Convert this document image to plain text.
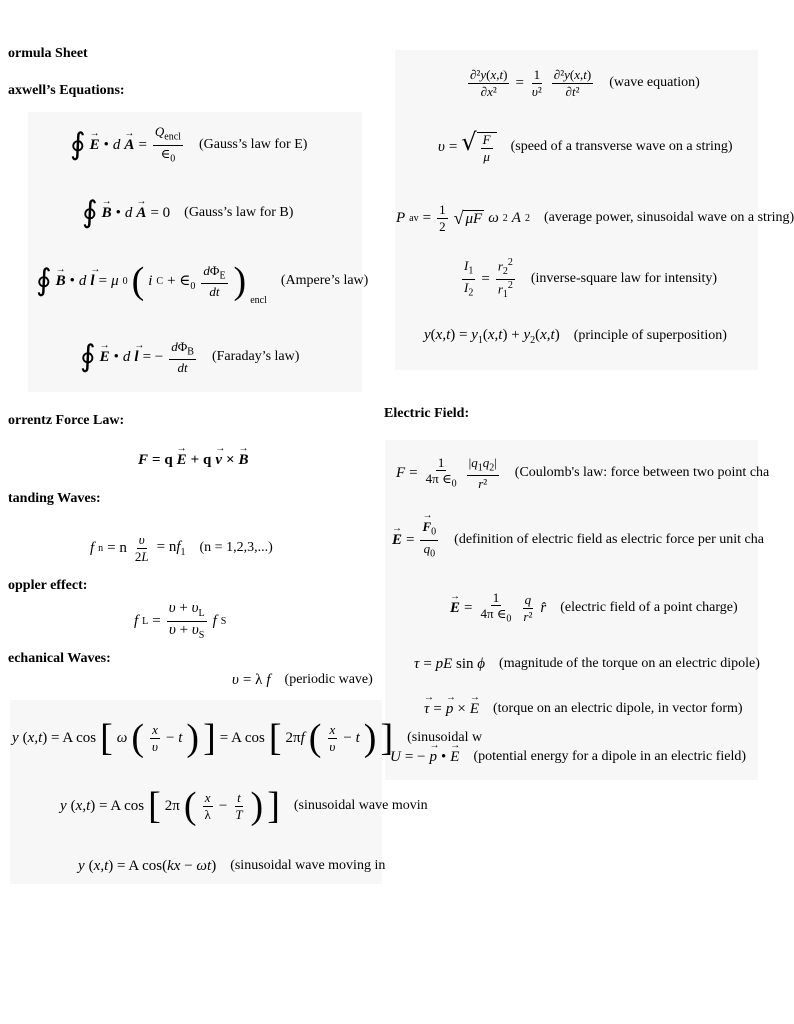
ormula Sheet
axwell’s Equations:
∮
→ E • d
→ $A = \frac{Q_{encl}}{\in_0}$ (Gauss’s law for E)
∮
→ B • d
→ A = 0 (Gauss’s law for B)
∮
→ B • d
→ l = μ 0 ( i $C + \in_0 \frac{d\Phi_E}{dt}$ ) $_{encl}$
(Ampere’s law)
∮
→ E • d
→ l = − $\frac{d\Phi_B}{dt}$ (Faraday’s law)
orrentz Force Law:
F = q
→ E + q
→ v ×
→ B
tanding Waves:
f n = n $\frac{\upsilon}{2L} = nf_1$ (n = 1,2,3,...)
oppler effect:
f $L = \frac{\upsilon + \upsilon_L}{\upsilon + \upsilon_S}$ f S
echanical Waves:
υ = λ f (periodic wave)
y (x,t) = A cos [ ω ( $\frac{x}{\upsilon} - t$ ) ] = A cos [ 2πf ( $\frac{x}{\upsilon} - t$ ) ] (sinusoidal w
y (x,t) = A cos [ 2π ( $\frac{x}{\lambda} - \frac{t}{T}$ ) ] (sinusoidal wave movin
y (x,t) = A cos(kx − ωt) (sinusoidal wave moving in
$\frac{\text{∂²y(x,t)}}{\text{∂x²}} = \frac{1}{\text{υ²}} \frac{\text{∂²y(x,t)}}{\text{∂t²}}$ (wave equation)
υ = √ $\frac{F}{\mu}$ (speed of a transverse wave on a string)
P av = $\frac{1}{2}$ √ μF ω 2 A 2 (average power, sinusoidal wave on a string)
$\frac{I_1}{I_2} = \frac{r_2^2}{r_1^2}$ (inverse-square law for intensity)
$y(x,t) = y_1(x,t) + y_2(x,t)$ (principle of superposition)
Electric Field:
$F = \frac{1}{4\pi \in_0} \frac{|q_1q_2|}{\text{r²}}$ (Coulomb's law: force between two point cha
→ E =
→ $\frac{F_0}{q_0}$ (definition of electric field as electric force per unit cha
→ $E = \frac{1}{4\pi \in_0} \frac{q}{\text{r²}}$ r̂ (electric field of a point charge)
τ = pE sin ϕ (magnitude of the torque on an electric dipole)
→ τ =
→ p ×
→ E (torque on an electric dipole, in vector form)
U = −
→ p •
→ E (potential energy for a dipole in an electric field)
